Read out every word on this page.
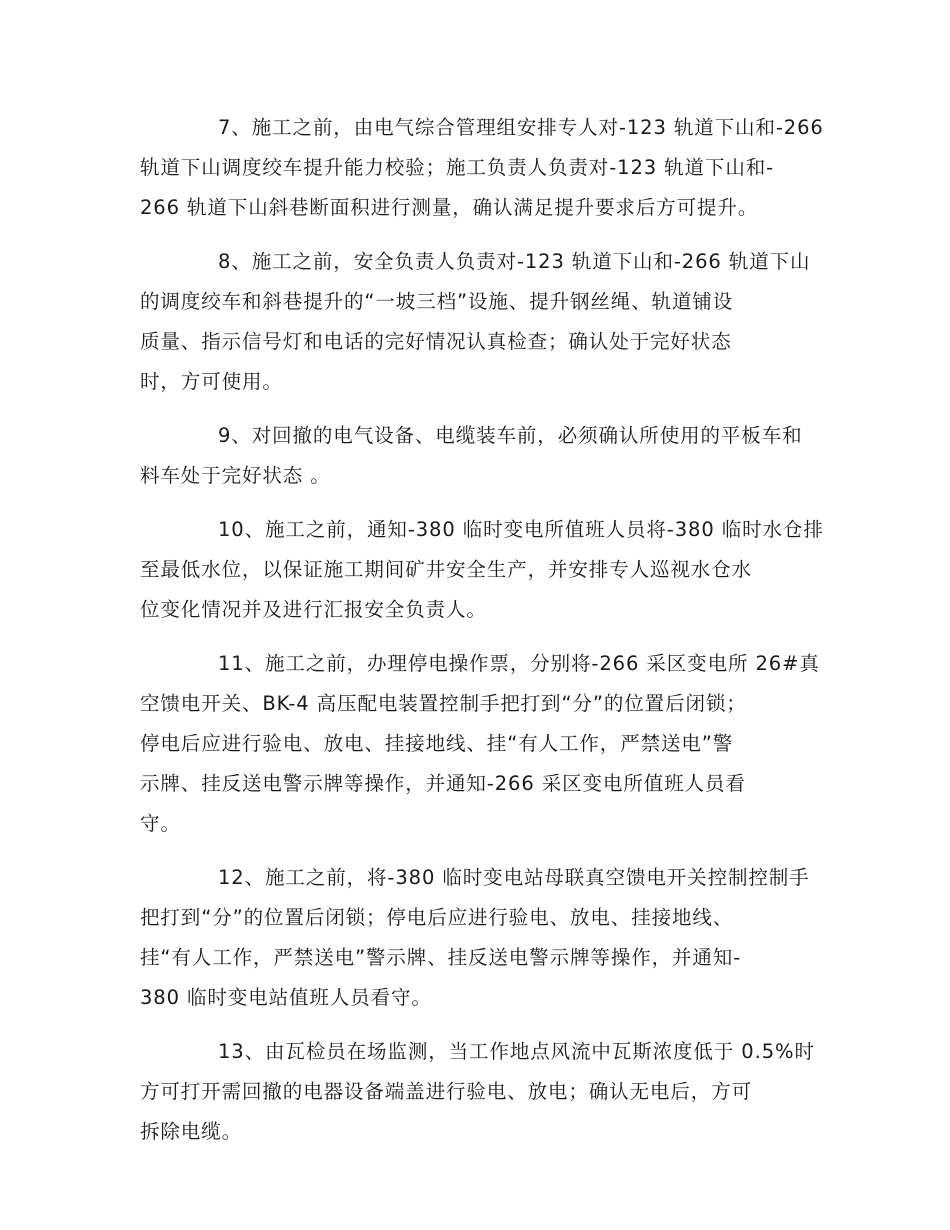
7、施工之前，由电气综合管理组安排专人对-123 轨道下山和-266
轨道下山调度绞车提升能力校验；施工负责人负责对-123 轨道下山和-
266 轨道下山斜巷断面积进行测量，确认满足提升要求后方可提升。

8、施工之前，安全负责人负责对-123 轨道下山和-266 轨道下山
的调度绞车和斜巷提升的“一坡三档”设施、提升钢丝绳、轨道铺设
质量、指示信号灯和电话的完好情况认真检查；确认处于完好状态
时，方可使用。

9、对回撤的电气设备、电缆装车前，必须确认所使用的平板车和
料车处于完好状态 。

10、施工之前，通知-380 临时变电所值班人员将-380 临时水仓排
至最低水位，以保证施工期间矿井安全生产，并安排专人巡视水仓水
位变化情况并及进行汇报安全负责人。

11、施工之前，办理停电操作票，分别将-266 采区变电所 26#真
空馈电开关、BK-4 高压配电装置控制手把打到“分”的位置后闭锁；
停电后应进行验电、放电、挂接地线、挂“有人工作，严禁送电”警
示牌、挂反送电警示牌等操作，并通知-266 采区变电所值班人员看
守。

12、施工之前，将-380 临时变电站母联真空馈电开关控制控制手
把打到“分”的位置后闭锁；停电后应进行验电、放电、挂接地线、
挂“有人工作，严禁送电”警示牌、挂反送电警示牌等操作，并通知-
380 临时变电站值班人员看守。

13、由瓦检员在场监测，当工作地点风流中瓦斯浓度低于 0.5%时
方可打开需回撤的电器设备端盖进行验电、放电；确认无电后，方可
拆除电缆。
